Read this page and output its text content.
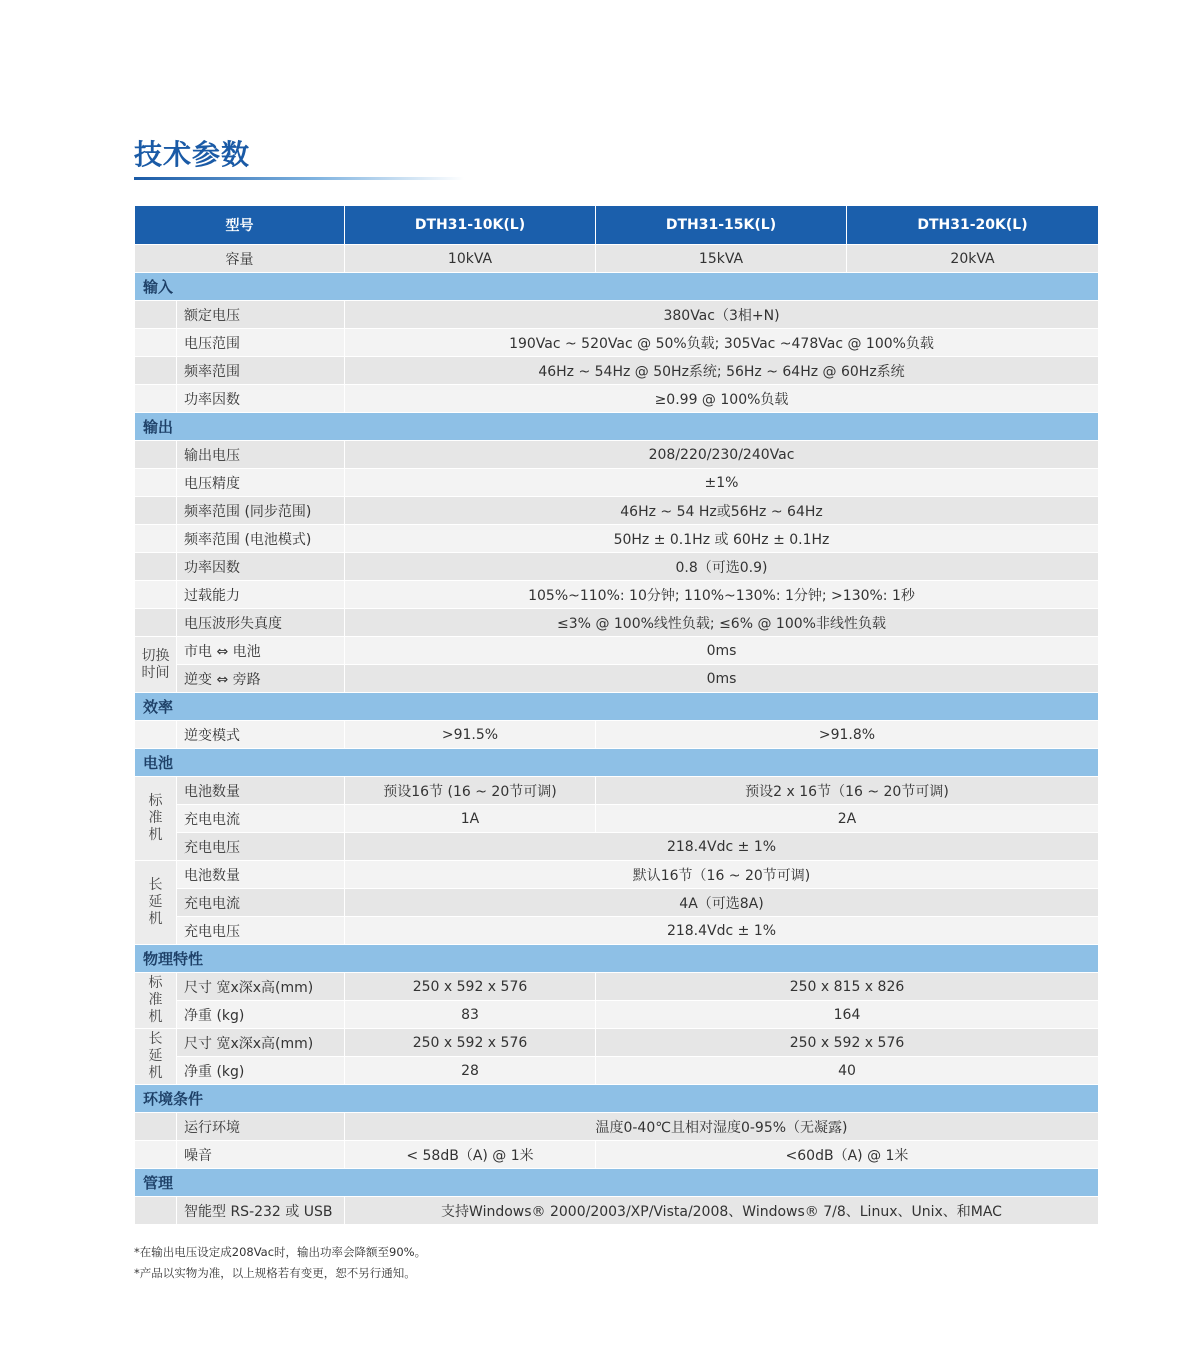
技术参数
型号		DTH31-10K(L)	DTH31-15K(L)	DTH31-20K(L)
容量		10kVA	15kVA	20kVA
输入				
	额定电压	380Vac（3相+N)		
	电压范围	190Vac ~ 520Vac @ 50%负载; 305Vac ~478Vac @ 100%负载		
	频率范围	46Hz ~ 54Hz @ 50Hz系统; 56Hz ~ 64Hz @ 60Hz系统		
	功率因数	≥0.99 @ 100%负载		
输出				
	输出电压	208/220/230/240Vac		
	电压精度	±1%		
	频率范围 (同步范围)	46Hz ~ 54 Hz或56Hz ~ 64Hz		
	频率范围 (电池模式)	50Hz ± 0.1Hz 或 60Hz ± 0.1Hz		
	功率因数	0.8（可选0.9)		
	过载能力	105%~110%: 10分钟; 110%~130%: 1分钟; >130%: 1秒		
	电压波形失真度	≤3% @ 100%线性负载; ≤6% @ 100%非线性负载		

切换时间	市电 ⇔ 电池	0ms		
	逆变 ⇔ 旁路	0ms		
效率				
	逆变模式	>91.5%	>91.8%	
电池				

标准机	电池数量	预设16节 (16 ~ 20节可调)	预设2 x 16节（16 ~ 20节可调)	
	充电电流	1A	2A	
	充电电压	218.4Vdc ± 1%		

长延机	电池数量	默认16节（16 ~ 20节可调)		
	充电电流	4A（可选8A)		
	充电电压	218.4Vdc ± 1%		
物理特性				

标准机	尺寸 宽x深x高(mm)	250 x 592 x 576	250 x 815 x 826	
	净重 (kg)	83	164	

长延机	尺寸 宽x深x高(mm)	250 x 592 x 576	250 x 592 x 576	
	净重 (kg)	28	40	
环境条件				
	运行环境	温度0-40℃且相对湿度0-95%（无凝露)		
	噪音	< 58dB（A) @ 1米	<60dB（A) @ 1米	
管理				
	智能型 RS-232 或 USB	支持Windows® 2000/2003/XP/Vista/2008、Windows® 7/8、Linux、Unix、和MAC		
*在输出电压设定成208Vac时，输出功率会降额至90%。
*产品以实物为准，以上规格若有变更，恕不另行通知。
